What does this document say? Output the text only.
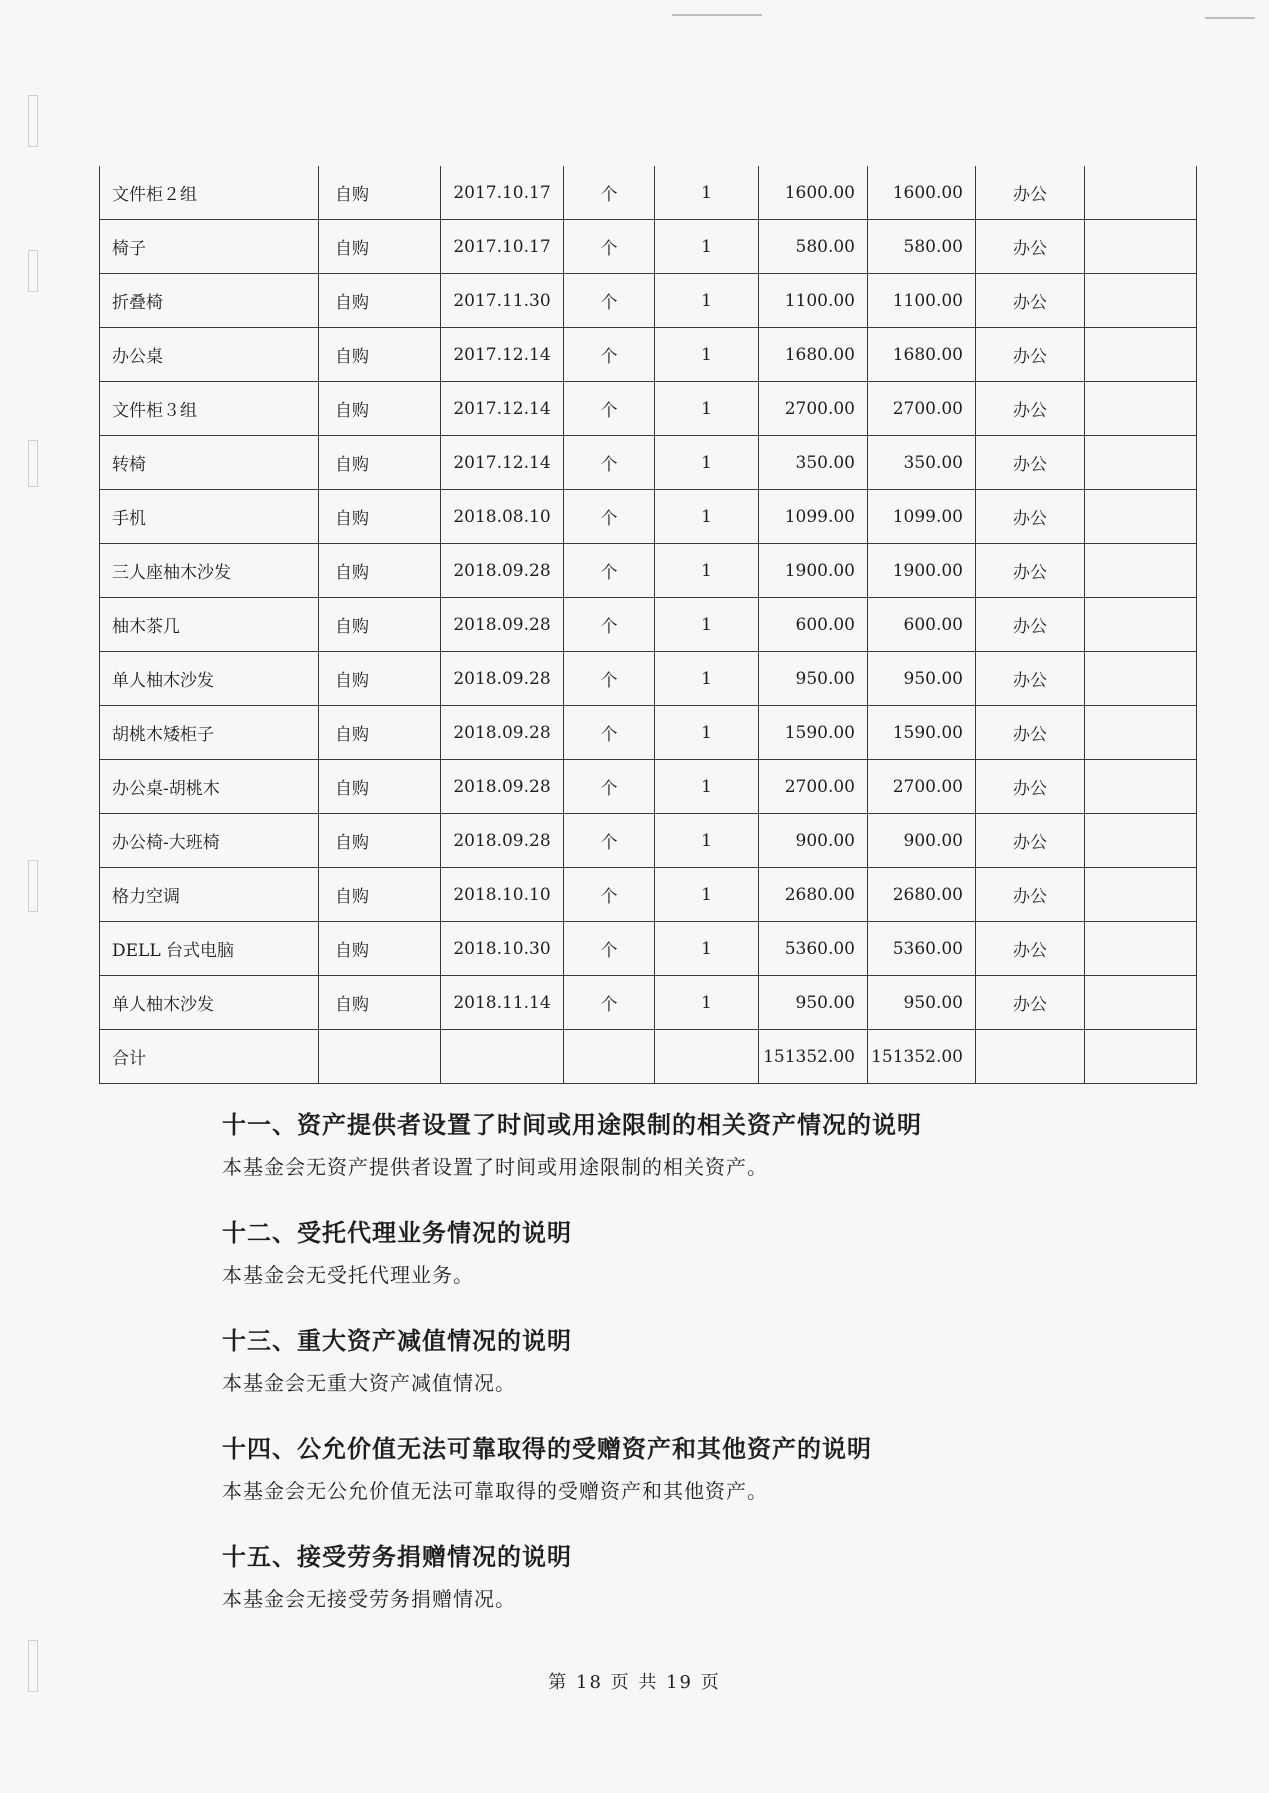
文件柜２组	自购	2017.10.17	个	1	1600.00	1600.00	办公	
椅子	自购	2017.10.17	个	1	580.00	580.00	办公	
折叠椅	自购	2017.11.30	个	1	1100.00	1100.00	办公	
办公桌	自购	2017.12.14	个	1	1680.00	1680.00	办公	
文件柜３组	自购	2017.12.14	个	1	2700.00	2700.00	办公	
转椅	自购	2017.12.14	个	1	350.00	350.00	办公	
手机	自购	2018.08.10	个	1	1099.00	1099.00	办公	
三人座柚木沙发	自购	2018.09.28	个	1	1900.00	1900.00	办公	
柚木茶几	自购	2018.09.28	个	1	600.00	600.00	办公	
单人柚木沙发	自购	2018.09.28	个	1	950.00	950.00	办公	
胡桃木矮柜子	自购	2018.09.28	个	1	1590.00	1590.00	办公	
办公桌-胡桃木	自购	2018.09.28	个	1	2700.00	2700.00	办公	
办公椅-大班椅	自购	2018.09.28	个	1	900.00	900.00	办公	
格力空调	自购	2018.10.10	个	1	2680.00	2680.00	办公	
DELL 台式电脑	自购	2018.10.30	个	1	5360.00	5360.00	办公	
单人柚木沙发	自购	2018.11.14	个	1	950.00	950.00	办公	
合计					151352.00	151352.00		
十一、资产提供者设置了时间或用途限制的相关资产情况的说明
本基金会无资产提供者设置了时间或用途限制的相关资产。
十二、受托代理业务情况的说明
本基金会无受托代理业务。
十三、重大资产减值情况的说明
本基金会无重大资产减值情况。
十四、公允价值无法可靠取得的受赠资产和其他资产的说明
本基金会无公允价值无法可靠取得的受赠资产和其他资产。
十五、接受劳务捐赠情况的说明
本基金会无接受劳务捐赠情况。
第 18 页 共 19 页
